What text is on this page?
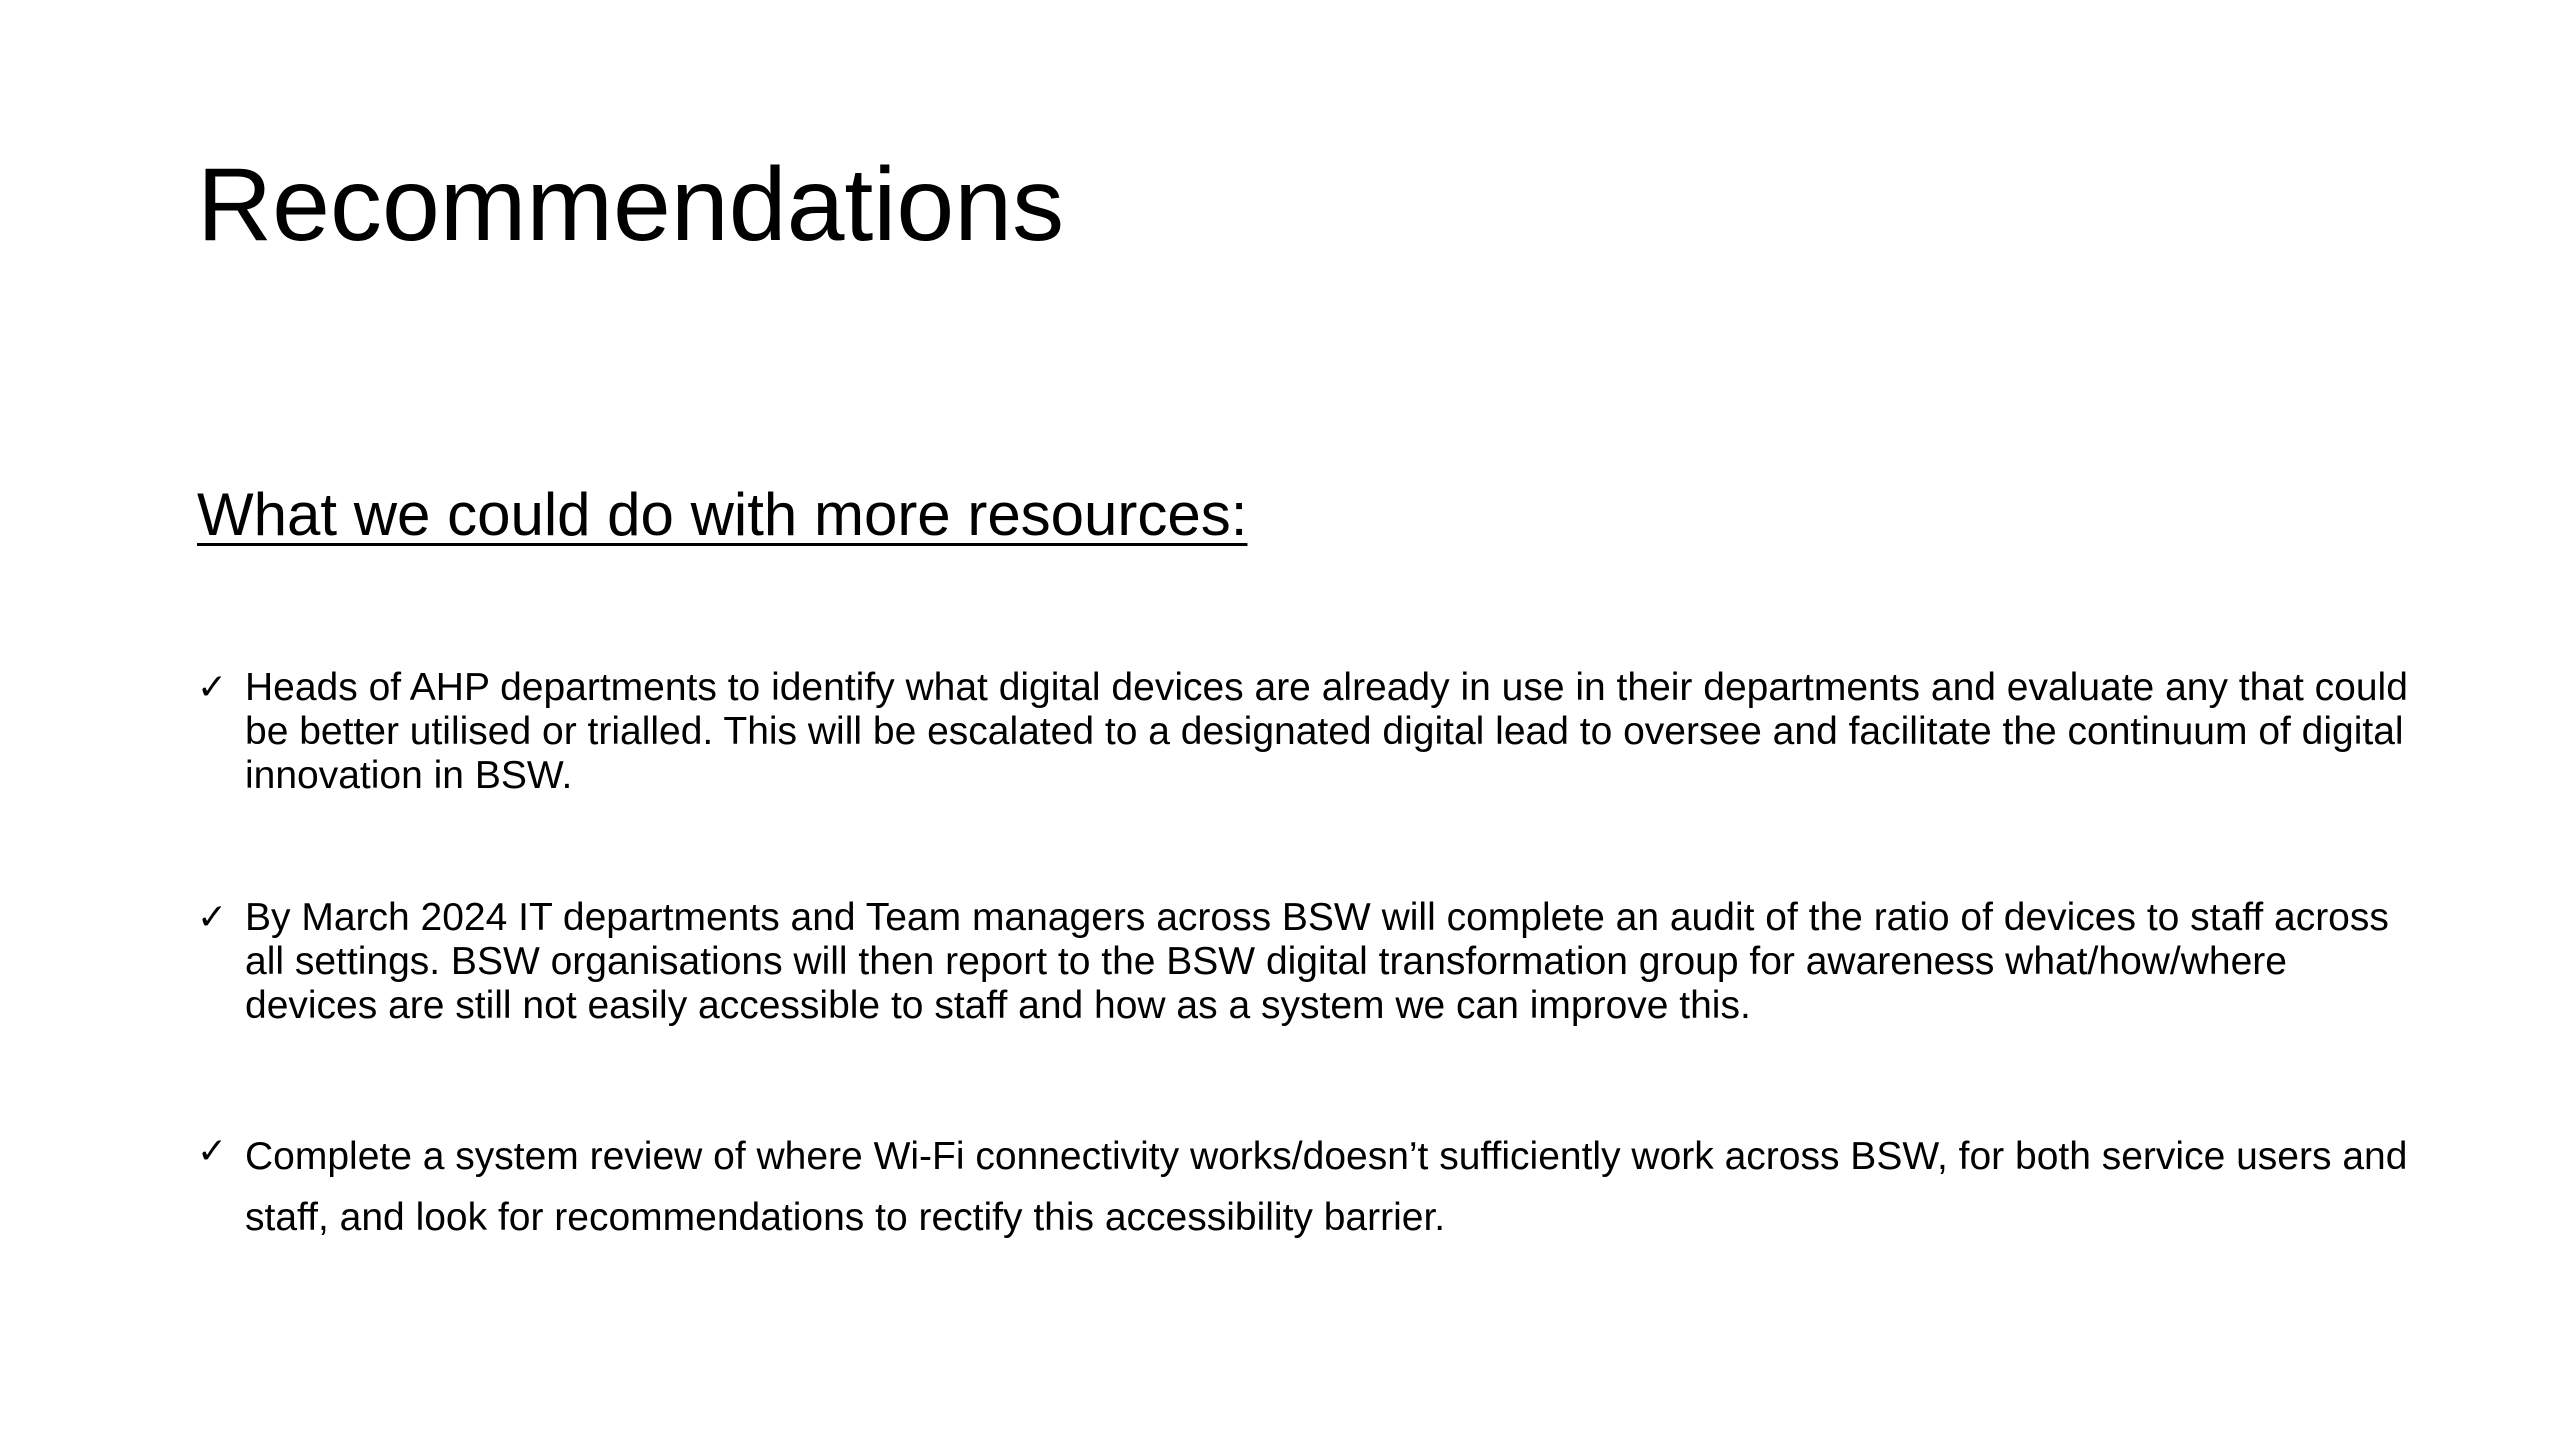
Recommendations
What we could do with more resources:
✓ Heads of AHP departments to identify what digital devices are already in use in their departments and evaluate any that could be better utilised or trialled. This will be escalated to a designated digital lead to oversee and facilitate the continuum of digital innovation in BSW.
✓ By March 2024 IT departments and Team managers across BSW will complete an audit of the ratio of devices to staff across all settings. BSW organisations will then report to the BSW digital transformation group for awareness what/how/where devices are still not easily accessible to staff and how as a system we can improve this.
✓ Complete a system review of where Wi-Fi connectivity works/doesn’t sufficiently work across BSW, for both service users and staff, and look for recommendations to rectify this accessibility barrier.
